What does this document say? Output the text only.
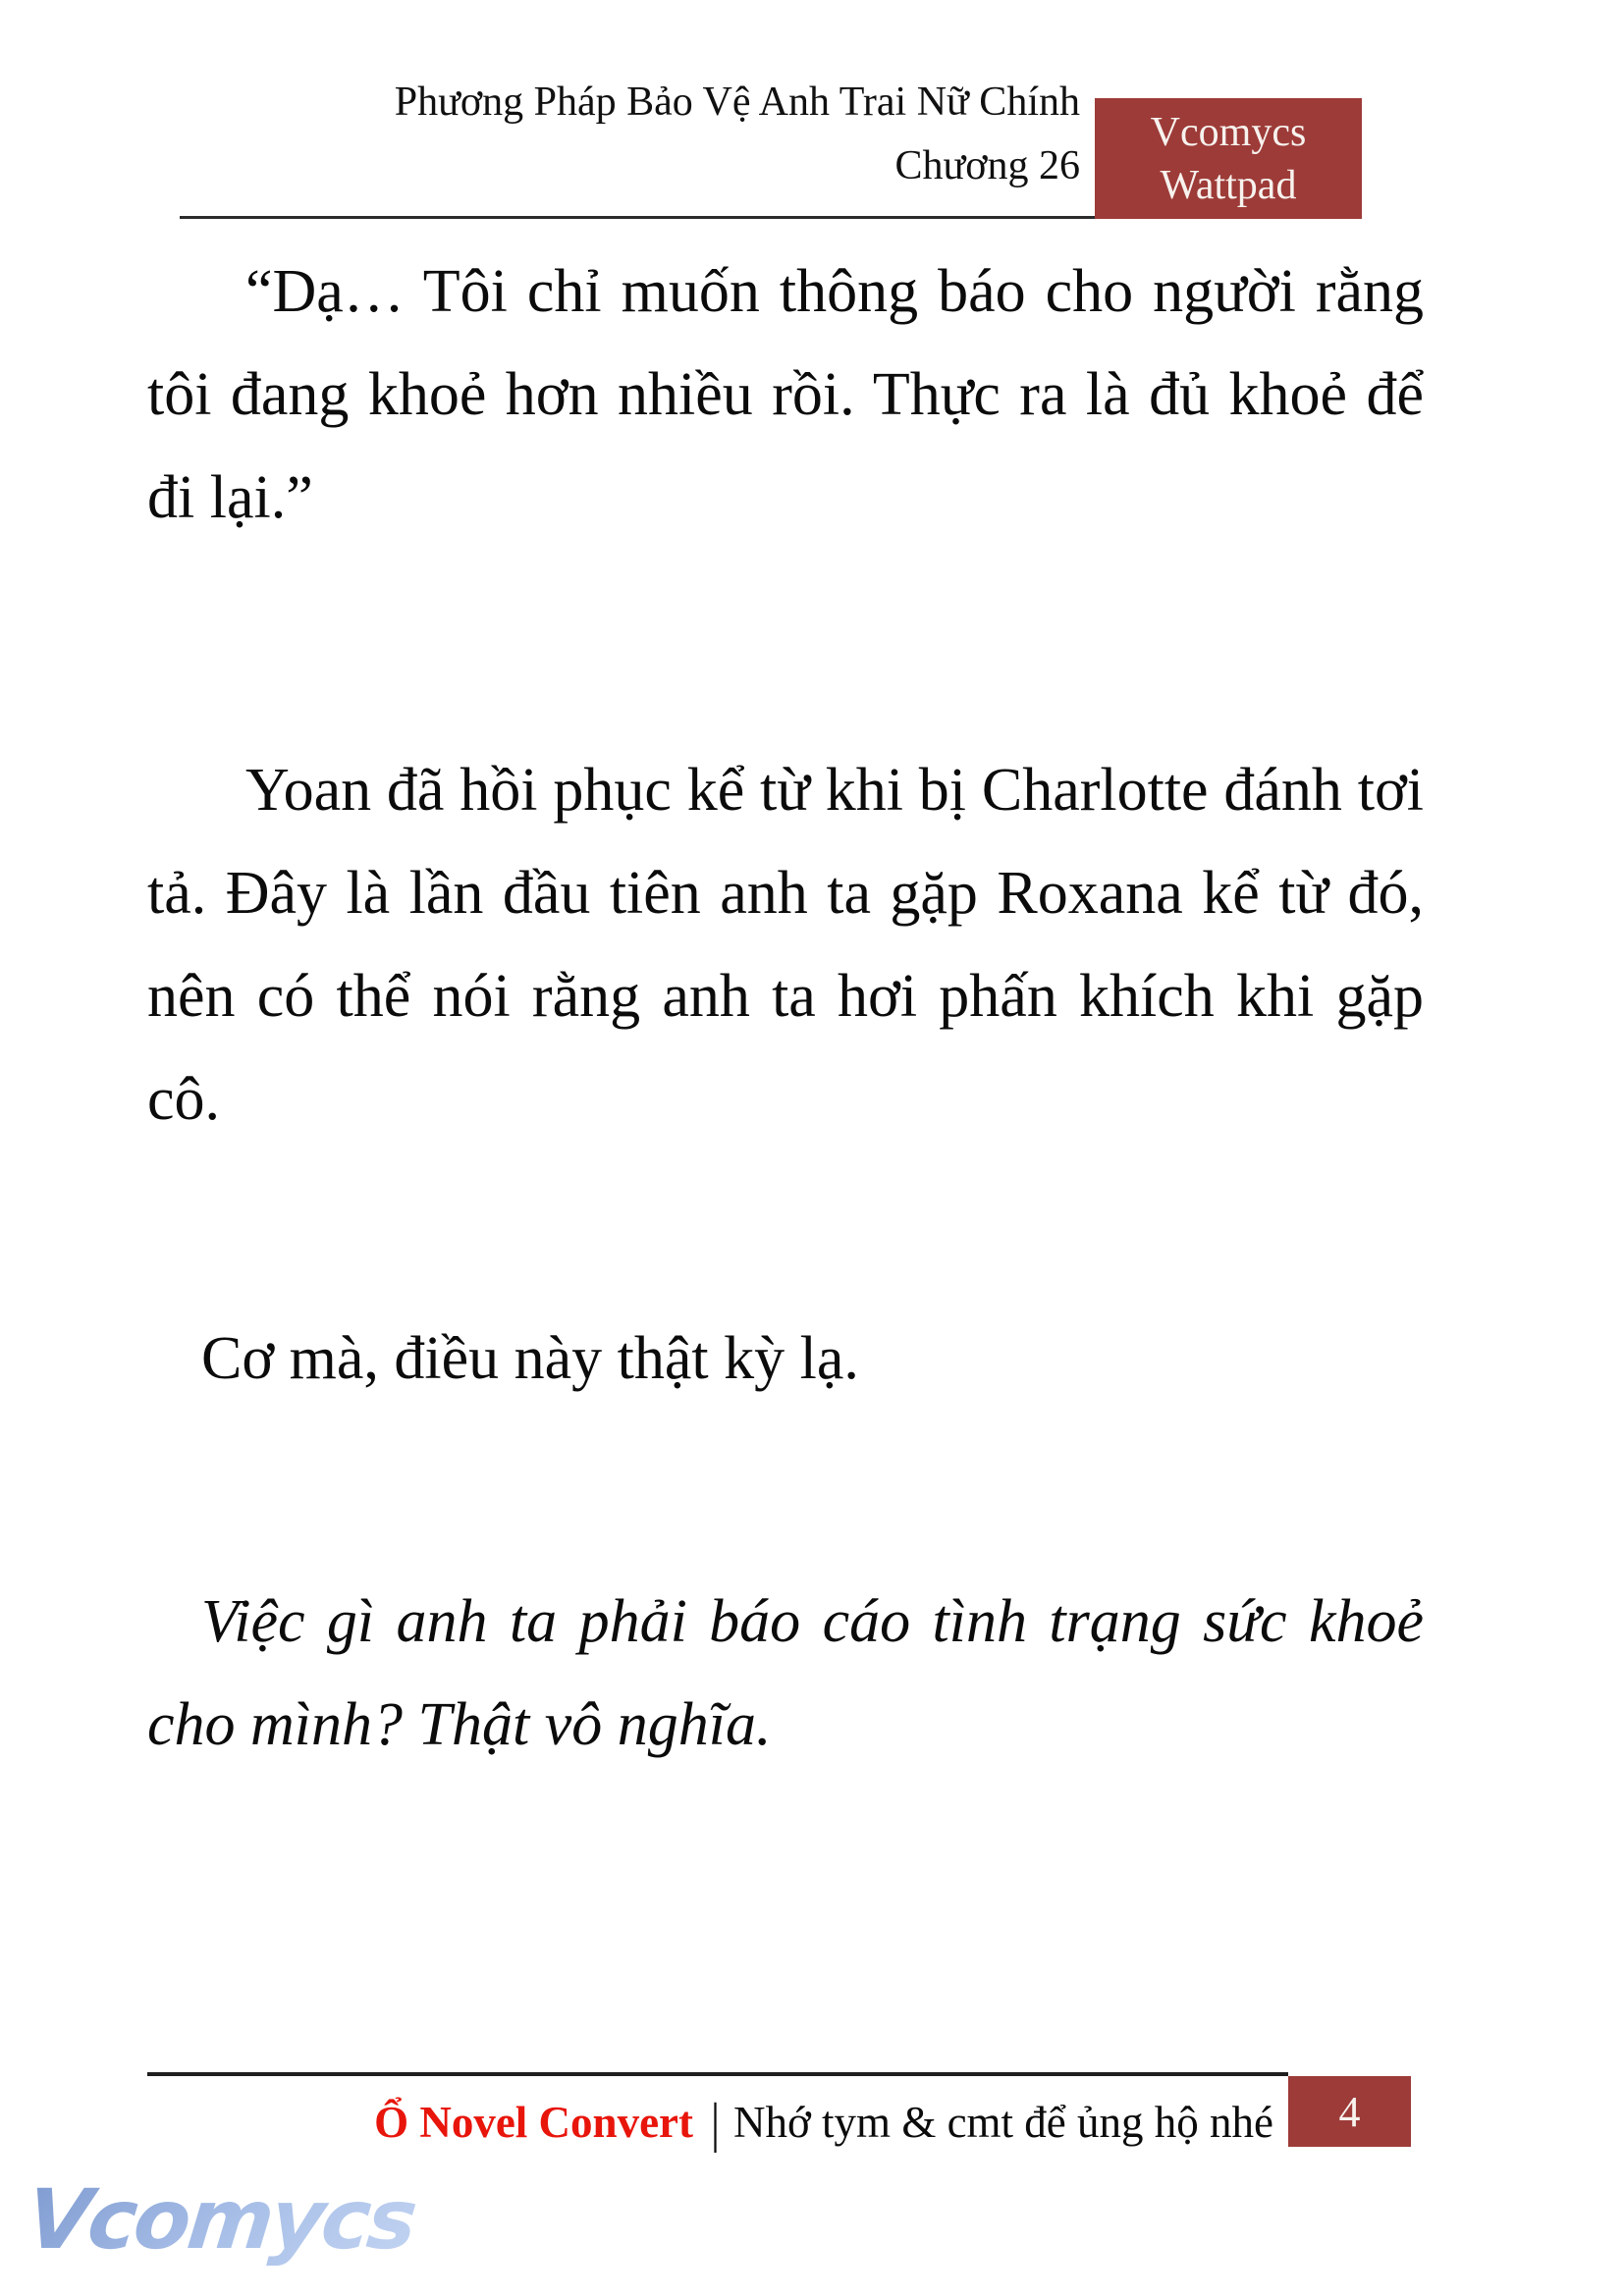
Phương Pháp Bảo Vệ Anh Trai Nữ Chính
Chương 26
Vcomycs
Wattpad

“Dạ… Tôi chỉ muốn thông báo cho người rằng tôi đang khoẻ hơn nhiều rồi. Thực ra là đủ khoẻ để đi lại.”

Yoan đã hồi phục kể từ khi bị Charlotte đánh tơi tả. Đây là lần đầu tiên anh ta gặp Roxana kể từ đó, nên có thể nói rằng anh ta hơi phấn khích khi gặp cô.

Cơ mà, điều này thật kỳ lạ.

Việc gì anh ta phải báo cáo tình trạng sức khoẻ cho mình? Thật vô nghĩa.

Ổ Novel Convert | Nhớ tym & cmt để ủng hộ nhé 4
Vcomycs
